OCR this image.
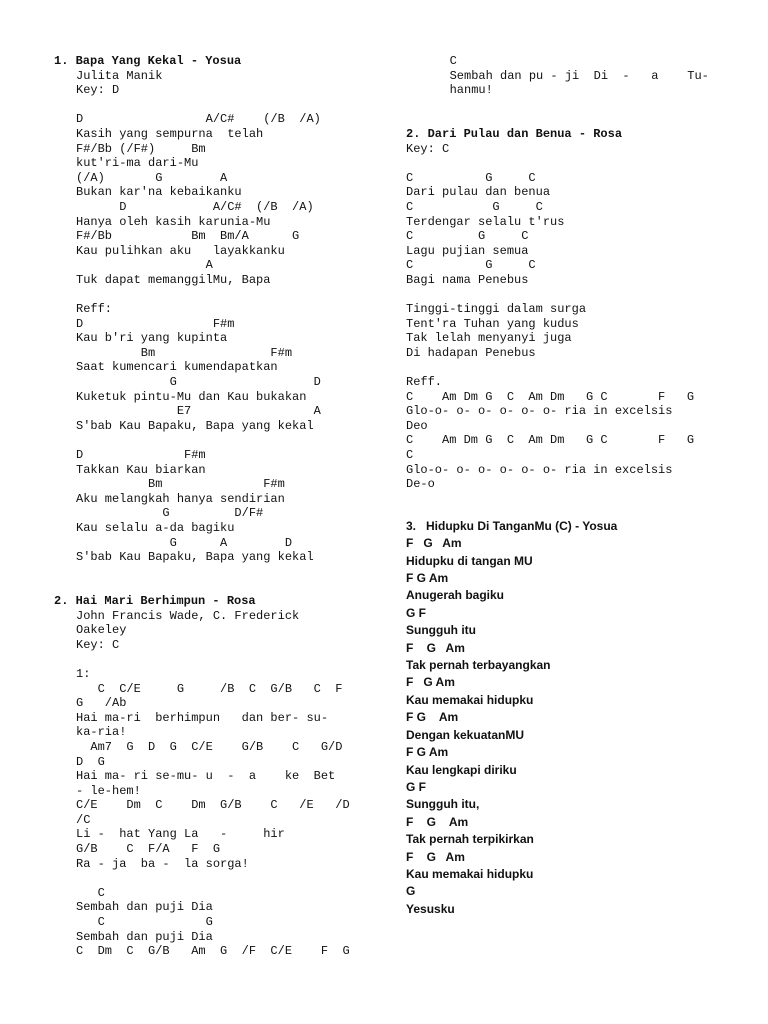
1. Bapa Yang Kekal - Yosua
Julita Manik
Key: D
D                 A/C#    (/B  /A)
Kasih yang sempurna  telah
F#/Bb (/F#)     Bm
kut'ri-ma dari-Mu
(/A)       G        A
Bukan kar'na kebaikanku
D            A/C#  (/B  /A)
Hanya oleh kasih karunia-Mu
F#/Bb           Bm  Bm/A      G
Kau pulihkan aku   layakkanku
A
Tuk dapat memanggilMu, Bapa
Reff:
D                  F#m
Kau b'ri yang kupinta
Bm                F#m
Saat kumencari kumendapatkan
G                   D
Kuketuk pintu-Mu dan Kau bukakan
E7                 A
S'bab Kau Bapaku, Bapa yang kekal
D              F#m
Takkan Kau biarkan
Bm              F#m
Aku melangkah hanya sendirian
G         D/F#
Kau selalu a-da bagiku
G      A        D
S'bab Kau Bapaku, Bapa yang kekal
2. Hai Mari Berhimpun - Rosa
John Francis Wade, C. Frederick
Oakeley
Key: C
1:
C  C/E     G     /B  C  G/B   C  F
G   /Ab
Hai ma-ri  berhimpun   dan ber- su-
ka-ria!
Am7  G  D  G  C/E    G/B    C   G/D
D  G
Hai ma- ri se-mu- u  -  a    ke  Bet
- le-hem!
C/E    Dm  C    Dm  G/B    C   /E   /D
/C
Li -  hat Yang La   -     hir
G/B    C  F/A   F  G
Ra - ja  ba -  la sorga!
C
Sembah dan puji Dia
C              G
Sembah dan puji Dia
C  Dm  C  G/B   Am  G  /F  C/E    F  G
C
Sembah dan pu - ji  Di  -   a    Tu-
hanmu!
2. Dari Pulau dan Benua - Rosa
Key: C
C          G     C
Dari pulau dan benua
C           G     C
Terdengar selalu t'rus
C         G     C
Lagu pujian semua
C          G     C
Bagi nama Penebus
Tinggi-tinggi dalam surga
Tent'ra Tuhan yang kudus
Tak lelah menyanyi juga
Di hadapan Penebus
Reff.
C    Am Dm G  C  Am Dm   G C       F   G
Glo-o- o- o- o- o- o- ria in excelsis
Deo
C    Am Dm G  C  Am Dm   G C       F   G
C
Glo-o- o- o- o- o- o- ria in excelsis
De-o
3.   Hidupku Di TanganMu (C) - Yosua
F   G   Am
Hidupku di tangan MU
F G Am
Anugerah bagiku
G F
Sungguh itu
F    G   Am
Tak pernah terbayangkan
F   G Am
Kau memakai hidupku
F G    Am
Dengan kekuatanMU
F G Am
Kau lengkapi diriku
G F
Sungguh itu,
F    G    Am
Tak pernah terpikirkan
F    G   Am
Kau memakai hidupku
G
Yesusku
